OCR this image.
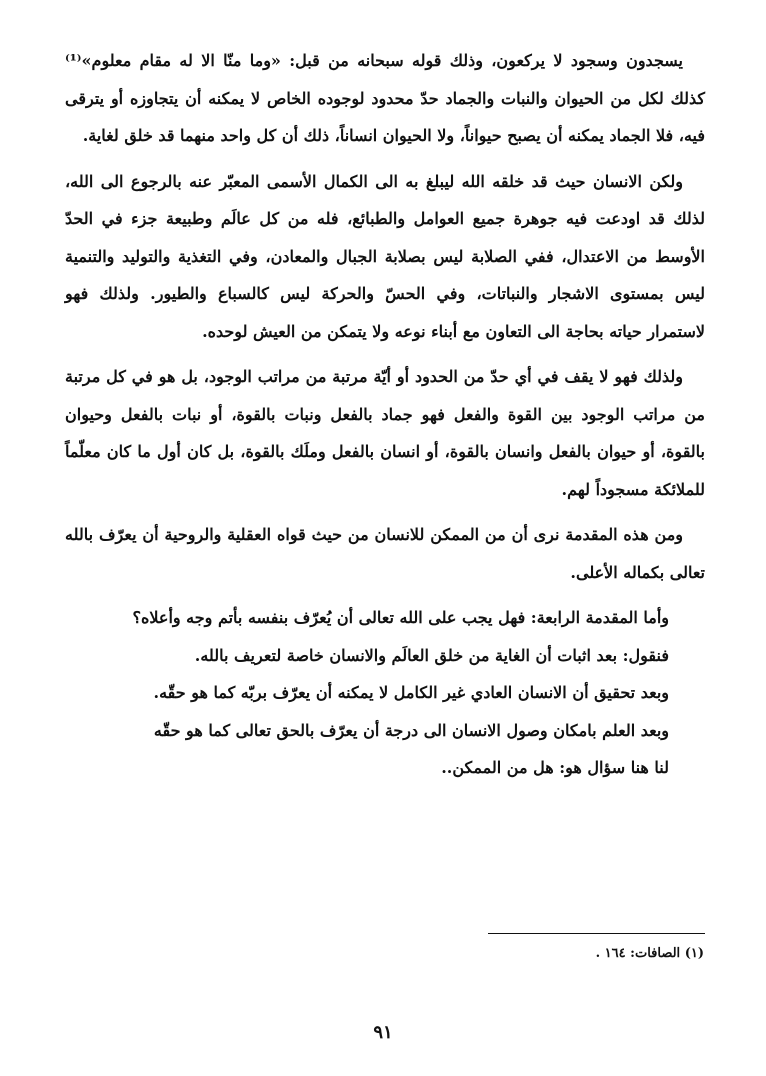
يسجدون وسجود لا يركعون، وذلك قوله سبحانه من قبل: «وما منّا الا له مقام معلوم»⁽¹⁾ كذلك لكل من الحيوان والنبات والجماد حدّ محدود لوجوده الخاص لا يمكنه أن يتجاوزه أو يترقى فيه، فلا الجماد يمكنه أن يصبح حيواناً، ولا الحيوان انساناً، ذلك أن كل واحد منهما قد خلق لغاية.

ولكن الانسان حيث قد خلقه الله ليبلغ به الى الكمال الأسمى المعبّر عنه بالرجوع الى الله، لذلك قد اودعت فيه جوهرة جميع العوامل والطبائع، فله من كل عالَم وطبيعة جزء في الحدّ الأوسط من الاعتدال، ففي الصلابة ليس بصلابة الجبال والمعادن، وفي التغذية والتوليد والتنمية ليس بمستوى الاشجار والنباتات، وفي الحسّ والحركة ليس كالسباع والطيور. ولذلك فهو لاستمرار حياته بحاجة الى التعاون مع أبناء نوعه ولا يتمكن من العيش لوحده.

ولذلك فهو لا يقف في أي حدّ من الحدود أو أيّة مرتبة من مراتب الوجود، بل هو في كل مرتبة من مراتب الوجود بين القوة والفعل فهو جماد بالفعل ونبات بالقوة، أو نبات بالفعل وحيوان بالقوة، أو حيوان بالفعل وانسان بالقوة، أو انسان بالفعل وملَك بالقوة، بل كان أول ما كان معلّماً للملائكة مسجوداً لهم.

ومن هذه المقدمة نرى أن من الممكن للانسان من حيث قواه العقلية والروحية أن يعرّف بالله تعالى بكماله الأعلى.

وأما المقدمة الرابعة: فهل يجب على الله تعالى أن يُعرّف بنفسه بأتم وجه وأعلاه؟

فنقول: بعد اثبات أن الغاية من خلق العالَم والانسان خاصة لتعريف بالله.

وبعد تحقيق أن الانسان العادي غير الكامل لا يمكنه أن يعرّف بربّه كما هو حقّه.

وبعد العلم بامكان وصول الانسان الى درجة أن يعرّف بالحق تعالى كما هو حقّه

لنا هنا سؤال هو: هل من الممكن..

(١) الصافات: ١٦٤ .
٩١
